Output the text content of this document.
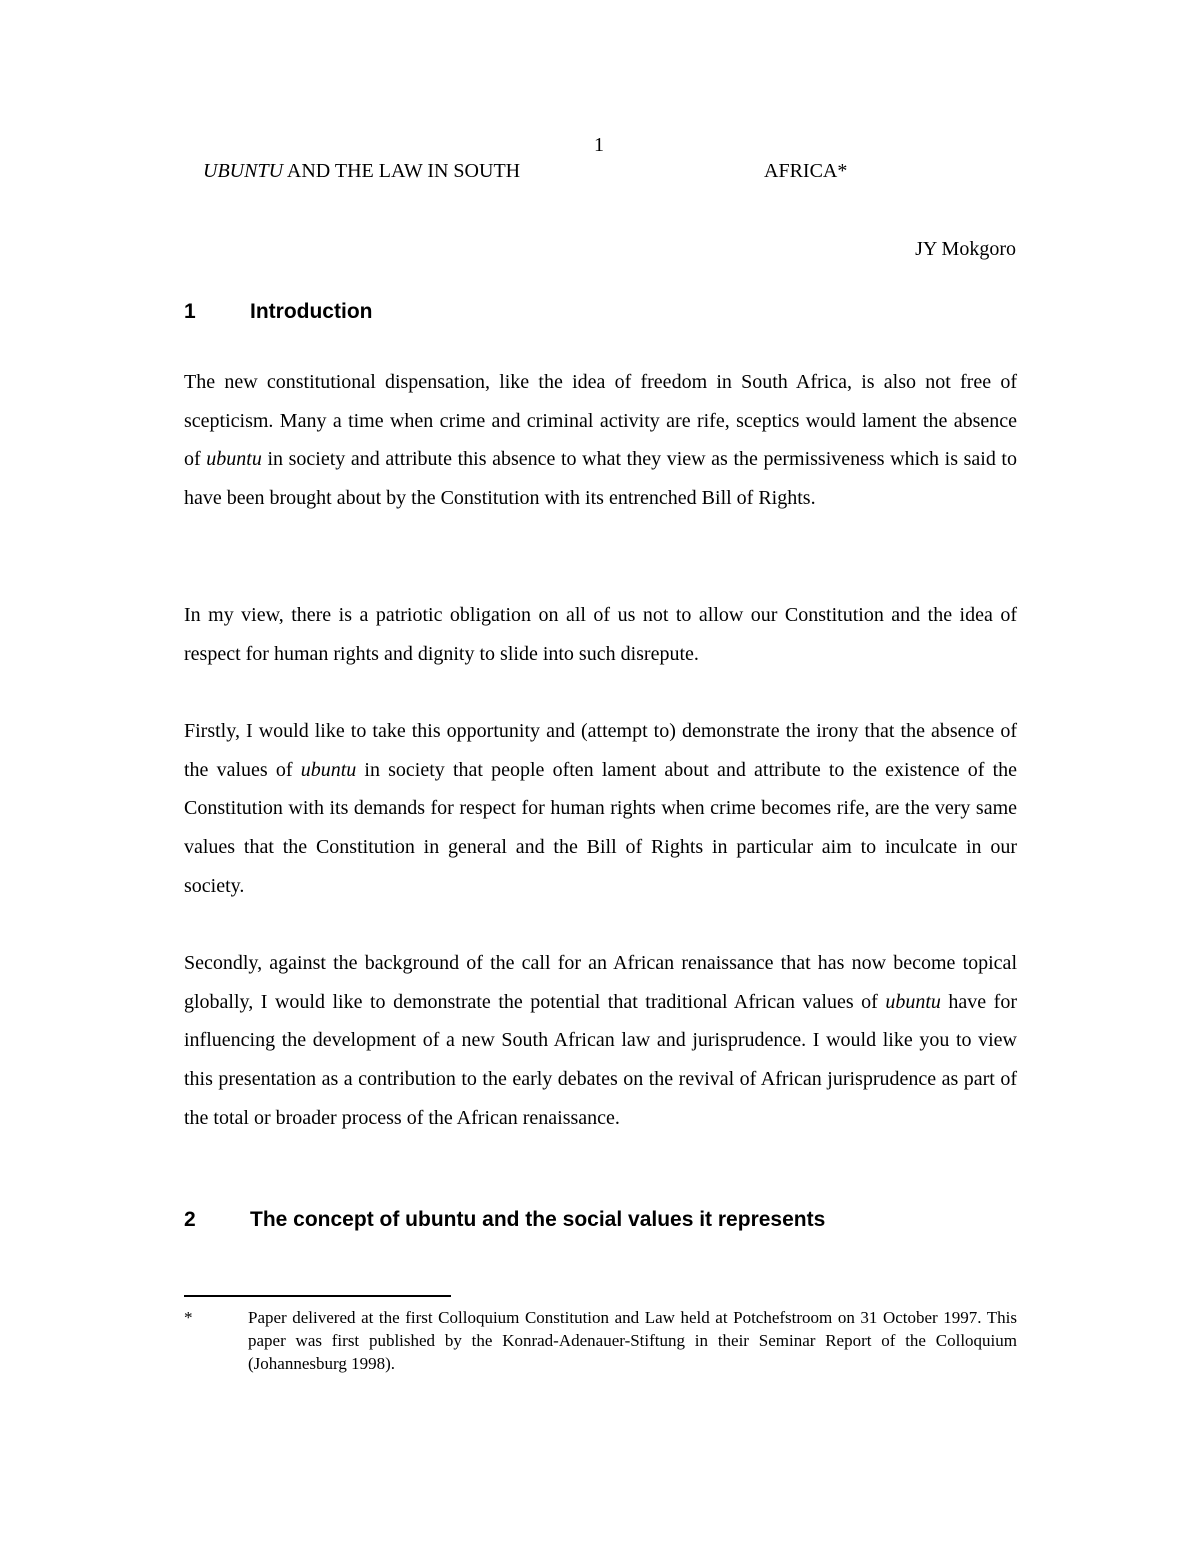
1
UBUNTU AND THE LAW IN SOUTH	AFRICA*
JY Mokgoro
1	Introduction
The new constitutional dispensation, like the idea of freedom in South Africa, is also not free of scepticism. Many a time when crime and criminal activity are rife, sceptics would lament the absence of ubuntu in society and attribute this absence to what they view as the permissiveness which is said to have been brought about by the Constitution with its entrenched Bill of Rights.
In my view, there is a patriotic obligation on all of us not to allow our Constitution and the idea of respect for human rights and dignity to slide into such disrepute.
Firstly, I would like to take this opportunity and (attempt to) demonstrate the irony that the absence of the values of ubuntu in society that people often lament about and attribute to the existence of the Constitution with its demands for respect for human rights when crime becomes rife, are the very same values that the Constitution in general and the Bill of Rights in particular aim to inculcate in our society.
Secondly, against the background of the call for an African renaissance that has now become topical globally, I would like to demonstrate the potential that traditional African values of ubuntu have for influencing the development of a new South African law and jurisprudence. I would like you to view this presentation as a contribution to the early debates on the revival of African jurisprudence as part of the total or broader process of the African renaissance.
2	The concept of ubuntu and the social values it represents
*	Paper delivered at the first Colloquium Constitution and Law held at Potchefstroom on 31 October 1997. This paper was first published by the Konrad-Adenauer-Stiftung in their Seminar Report of the Colloquium (Johannesburg 1998).
